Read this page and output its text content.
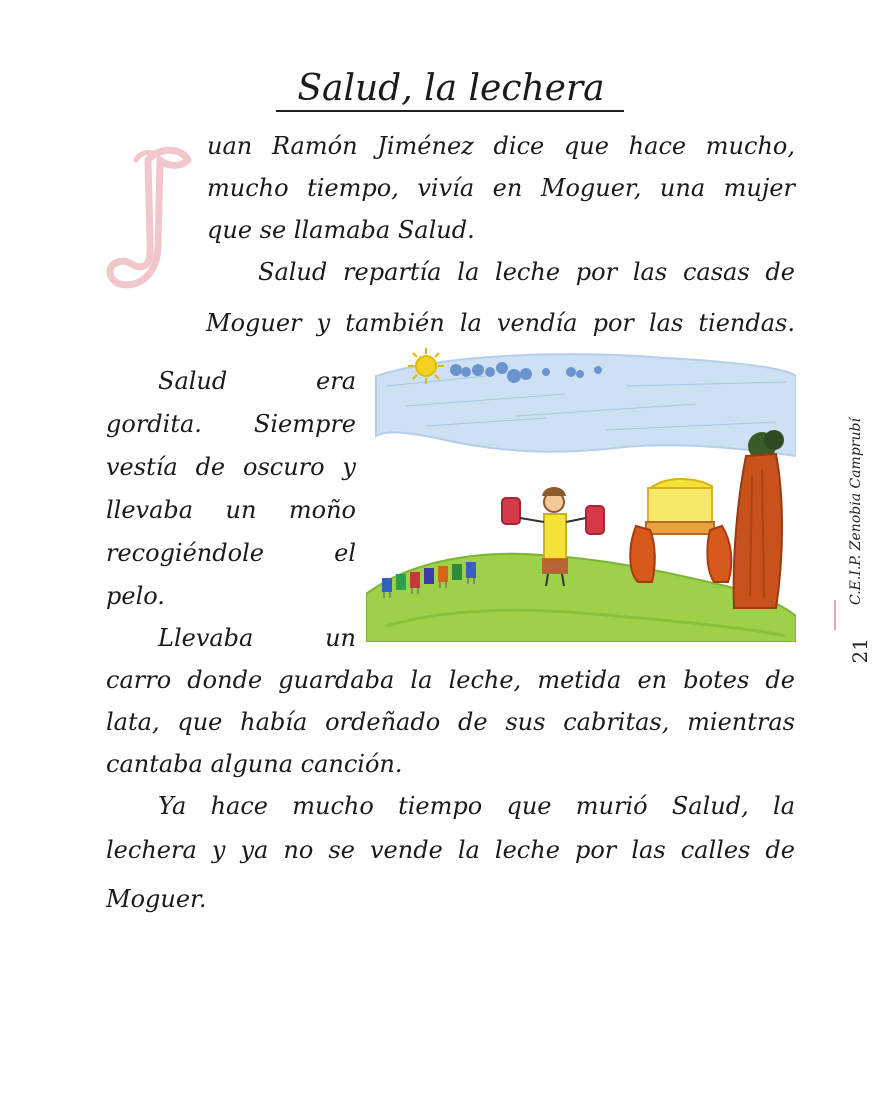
Salud, la lechera
uan Ramón Jiménez dice que hace mucho,
mucho tiempo, vivía en Moguer, una mujer
que se llamaba Salud.
Salud repartía la leche por las casas de
Moguer y también la vendía por las tiendas.
Salud era
gordita. Siempre
vestía de oscuro y
llevaba un moño
recogiéndole el
pelo.
Llevaba un
carro donde guardaba la leche, metida en botes de
lata, que había ordeñado de sus cabritas, mientras
cantaba alguna canción.
Ya hace mucho tiempo que murió Salud, la
lechera y ya no se vende la leche por las calles de
Moguer.
C.E.I.P. Zenobia Camprubí
21
